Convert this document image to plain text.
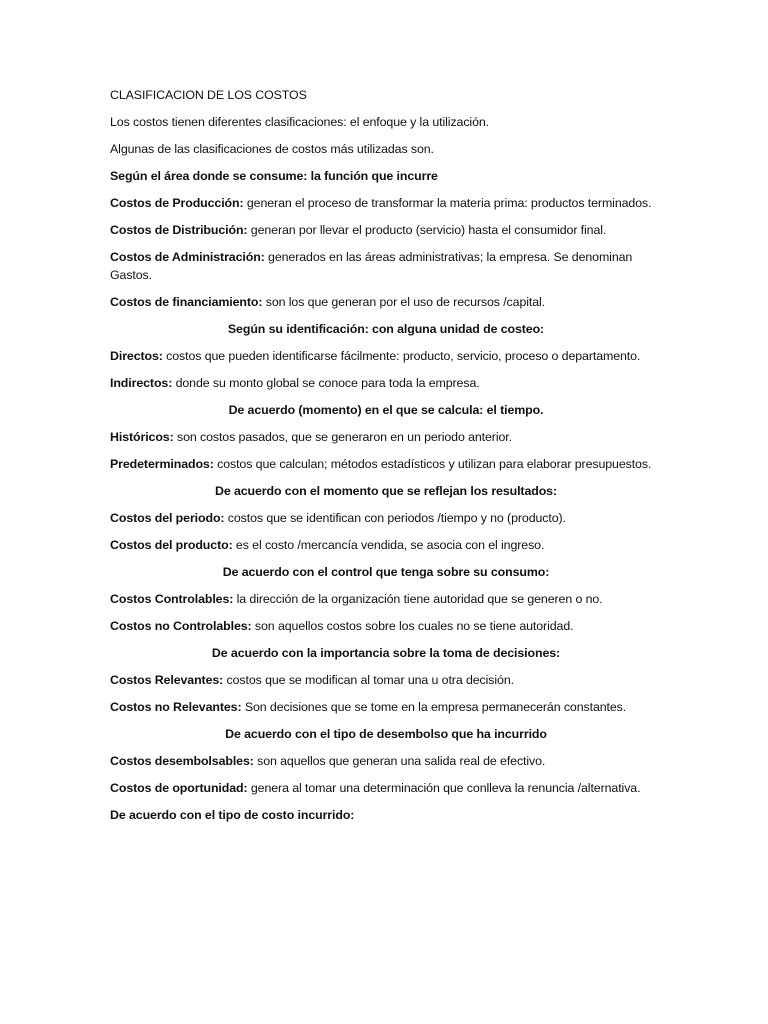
CLASIFICACION DE LOS COSTOS

Los costos tienen diferentes clasificaciones: el enfoque y la utilización.

Algunas de las clasificaciones de costos más utilizadas son.

Según el área donde se consume: la función que incurre

Costos de Producción: generan el proceso de transformar la materia prima: productos terminados.

Costos de Distribución: generan por llevar el producto (servicio) hasta el consumidor final.

Costos de Administración: generados en las áreas administrativas; la empresa. Se denominan Gastos.

Costos de financiamiento: son los que generan por el uso de recursos /capital.

Según su identificación: con alguna unidad de costeo:

Directos: costos que pueden identificarse fácilmente: producto, servicio, proceso o departamento.

Indirectos: donde su monto global se conoce para toda la empresa.

De acuerdo (momento) en el que se calcula: el tiempo.

Históricos: son costos pasados, que se generaron en un periodo anterior.

Predeterminados: costos que calculan; métodos estadísticos y utilizan para elaborar presupuestos.

De acuerdo con el momento que se reflejan los resultados:

Costos del periodo: costos que se identifican con periodos /tiempo y no (producto).

Costos del producto: es el costo /mercancía vendida, se asocia con el ingreso.

De acuerdo con el control que tenga sobre su consumo:

Costos Controlables: la dirección de la organización tiene autoridad que se generen o no.

Costos no Controlables: son aquellos costos sobre los cuales no se tiene autoridad.

De acuerdo con la importancia sobre la toma de decisiones:

Costos Relevantes: costos que se modifican al tomar una u otra decisión.

Costos no Relevantes: Son decisiones que se tome en la empresa permanecerán constantes.

De acuerdo con el tipo de desembolso que ha incurrido

Costos desembolsables: son aquellos que generan una salida real de efectivo.

Costos de oportunidad: genera al tomar una determinación que conlleva la renuncia /alternativa.

De acuerdo con el tipo de costo incurrido:
